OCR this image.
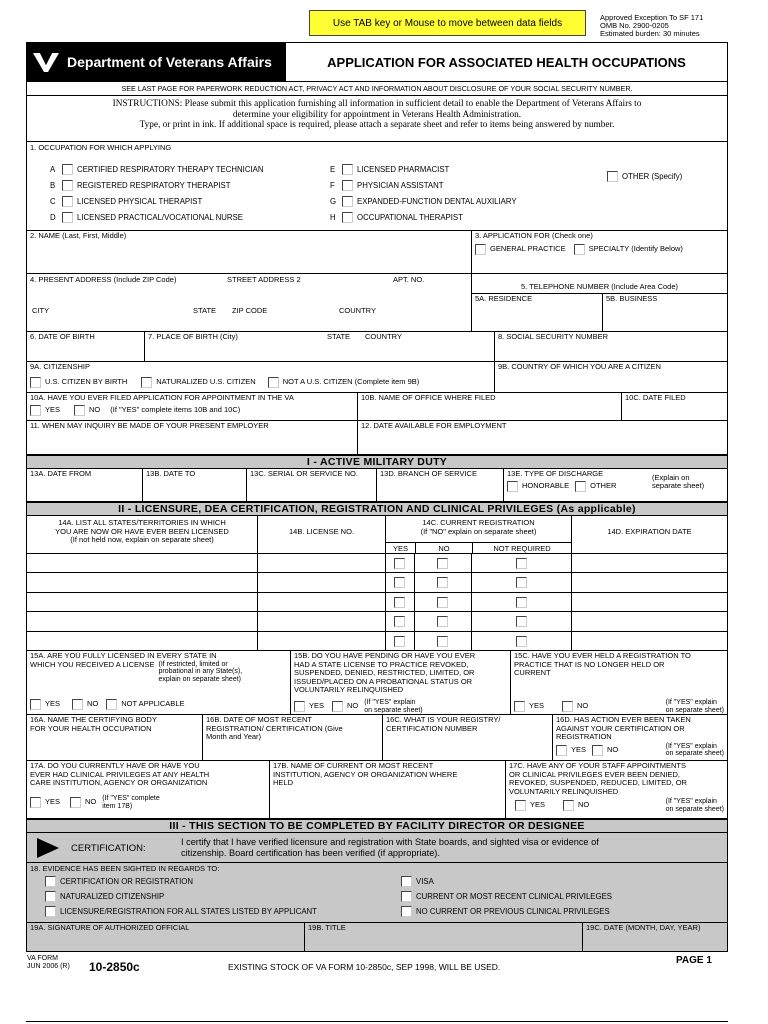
Use TAB key or Mouse to move between data fields	Approved Exception To SF 171
OMB No. 2900-0205
Estimated burden: 30 minutes
Department of Veterans Affairs	APPLICATION FOR ASSOCIATED HEALTH OCCUPATIONS
SEE LAST PAGE FOR PAPERWORK REDUCTION ACT, PRIVACY ACT AND INFORMATION ABOUT DISCLOSURE OF YOUR SOCIAL SECURITY NUMBER.
INSTRUCTIONS: Please submit this application furnishing all information in sufficient detail to enable the Department of Veterans Affairs to
determine your eligibility for appointment in Veterans Health Administration.
Type, or print in ink. If additional space is required, please attach a separate sheet and refer to items being answered by number.
1. OCCUPATION FOR WHICH APPLYING
A	CERTIFIED RESPIRATORY THERAPY TECHNICIAN
B	REGISTERED RESPIRATORY THERAPIST
C	LICENSED PHYSICAL THERAPIST
D	LICENSED PRACTICAL/VOCATIONAL NURSE
E	LICENSED PHARMACIST
F	PHYSICIAN ASSISTANT
G	EXPANDED-FUNCTION DENTAL AUXILIARY
H	OCCUPATIONAL THERAPIST
OTHER (Specify)
2. NAME (Last, First, Middle)	3. APPLICATION FOR (Check one)
GENERAL PRACTICE	SPECIALTY (Identify Below)
4. PRESENT ADDRESS (Include ZIP Code)	STREET ADDRESS 2	APT. NO.
CITY	STATE ZIP CODE	COUNTRY
5. TELEPHONE NUMBER (Include Area Code)
5A. RESIDENCE	5B. BUSINESS
6. DATE OF BIRTH	7. PLACE OF BIRTH (City)	STATE COUNTRY	8. SOCIAL SECURITY NUMBER
9A. CITIZENSHIP
U.S. CITIZEN BY BIRTH	NATURALIZED U.S. CITIZEN	NOT A U.S. CITIZEN (Complete item 9B)
9B. COUNTRY OF WHICH YOU ARE A CITIZEN
10A. HAVE YOU EVER FILED APPLICATION FOR APPOINTMENT IN THE VA
YES	NO (If "YES" complete items 10B and 10C)
10B. NAME OF OFFICE WHERE FILED	10C. DATE FILED
11. WHEN MAY INQUIRY BE MADE OF YOUR PRESENT EMPLOYER	12. DATE AVAILABLE FOR EMPLOYMENT
I - ACTIVE MILITARY DUTY
13A. DATE FROM	13B. DATE TO	13C. SERIAL OR SERVICE NO.	13D. BRANCH OF SERVICE	13E. TYPE OF DISCHARGE
HONORABLE	OTHER
(Explain on
separate sheet)
II - LICENSURE, DEA CERTIFICATION, REGISTRATION AND CLINICAL PRIVILEGES (As applicable)
14A. LIST ALL STATES/TERRITORIES IN WHICH
YOU ARE NOW OR HAVE EVER BEEN LICENSED
(If not held now, explain on separate sheet)
14B. LICENSE NO.
14C. CURRENT REGISTRATION
(If "NO" explain on separate sheet)
YES	NO	NOT REQUIRED
14D. EXPIRATION DATE
15A. ARE YOU FULLY LICENSED IN EVERY STATE IN
WHICH YOU RECEIVED A LICENSE (If restricted, limited or
probational in any State(s),
explain on separate sheet)
YES	NO	NOT APPLICABLE
15B. DO YOU HAVE PENDING OR HAVE YOU EVER
HAD A STATE LICENSE TO PRACTICE REVOKED,
SUSPENDED, DENIED, RESTRICTED, LIMITED, OR
ISSUED/PLACED ON A PROBATIONAL STATUS OR
VOLUNTARILY RELINQUISHED
YES	NO (If "YES" explain
on separate sheet)
15C. HAVE YOU EVER HELD A REGISTRATION TO
PRACTICE THAT IS NO LONGER HELD OR
CURRENT
YES	NO	(If "YES" explain
on separate sheet)
16A. NAME THE CERTIFYING BODY
FOR YOUR HEALTH OCCUPATION
16B. DATE OF MOST RECENT
REGISTRATION/ CERTIFICATION (Give
Month and Year)
16C. WHAT IS YOUR REGISTRY/
CERTIFICATION NUMBER
16D. HAS ACTION EVER BEEN TAKEN
AGAINST YOUR CERTIFICATION OR
REGISTRATION
YES	NO	(If "YES" explain
on separate sheet)
17A. DO YOU CURRENTLY HAVE OR HAVE YOU
EVER HAD CLINICAL PRIVILEGES AT ANY HEALTH
CARE INSTITUTION, AGENCY OR ORGANIZATION
YES	NO (If "YES" complete
item 17B)
17B. NAME OF CURRENT OR MOST RECENT
INSTITUTION, AGENCY OR ORGANIZATION WHERE
HELD
17C. HAVE ANY OF YOUR STAFF APPOINTMENTS
OR CLINICAL PRIVILEGES EVER BEEN DENIED,
REVOKED, SUSPENDED, REDUCED, LIMITED, OR
VOLUNTARILY RELINQUISHED
YES	NO	(If "YES" explain
on separate sheet)
III - THIS SECTION TO BE COMPLETED BY FACILITY DIRECTOR OR DESIGNEE
CERTIFICATION:
I certify that I have verified licensure and registration with State boards, and sighted visa or evidence of
citizenship. Board certification has been verified (if appropriate).
18. EVIDENCE HAS BEEN SIGHTED IN REGARDS TO:
CERTIFICATION OR REGISTRATION
NATURALIZED CITIZENSHIP
LICENSURE/REGISTRATION FOR ALL STATES LISTED BY APPLICANT
VISA
CURRENT OR MOST RECENT CLINICAL PRIVILEGES
NO CURRENT OR PREVIOUS CLINICAL PRIVILEGES
19A. SIGNATURE OF AUTHORIZED OFFICIAL	19B. TITLE	19C. DATE (MONTH, DAY, YEAR)
VA FORM
JUN 2006 (R) 10-2850c	EXISTING STOCK OF VA FORM 10-2850c, SEP 1998, WILL BE USED.
PAGE 1
